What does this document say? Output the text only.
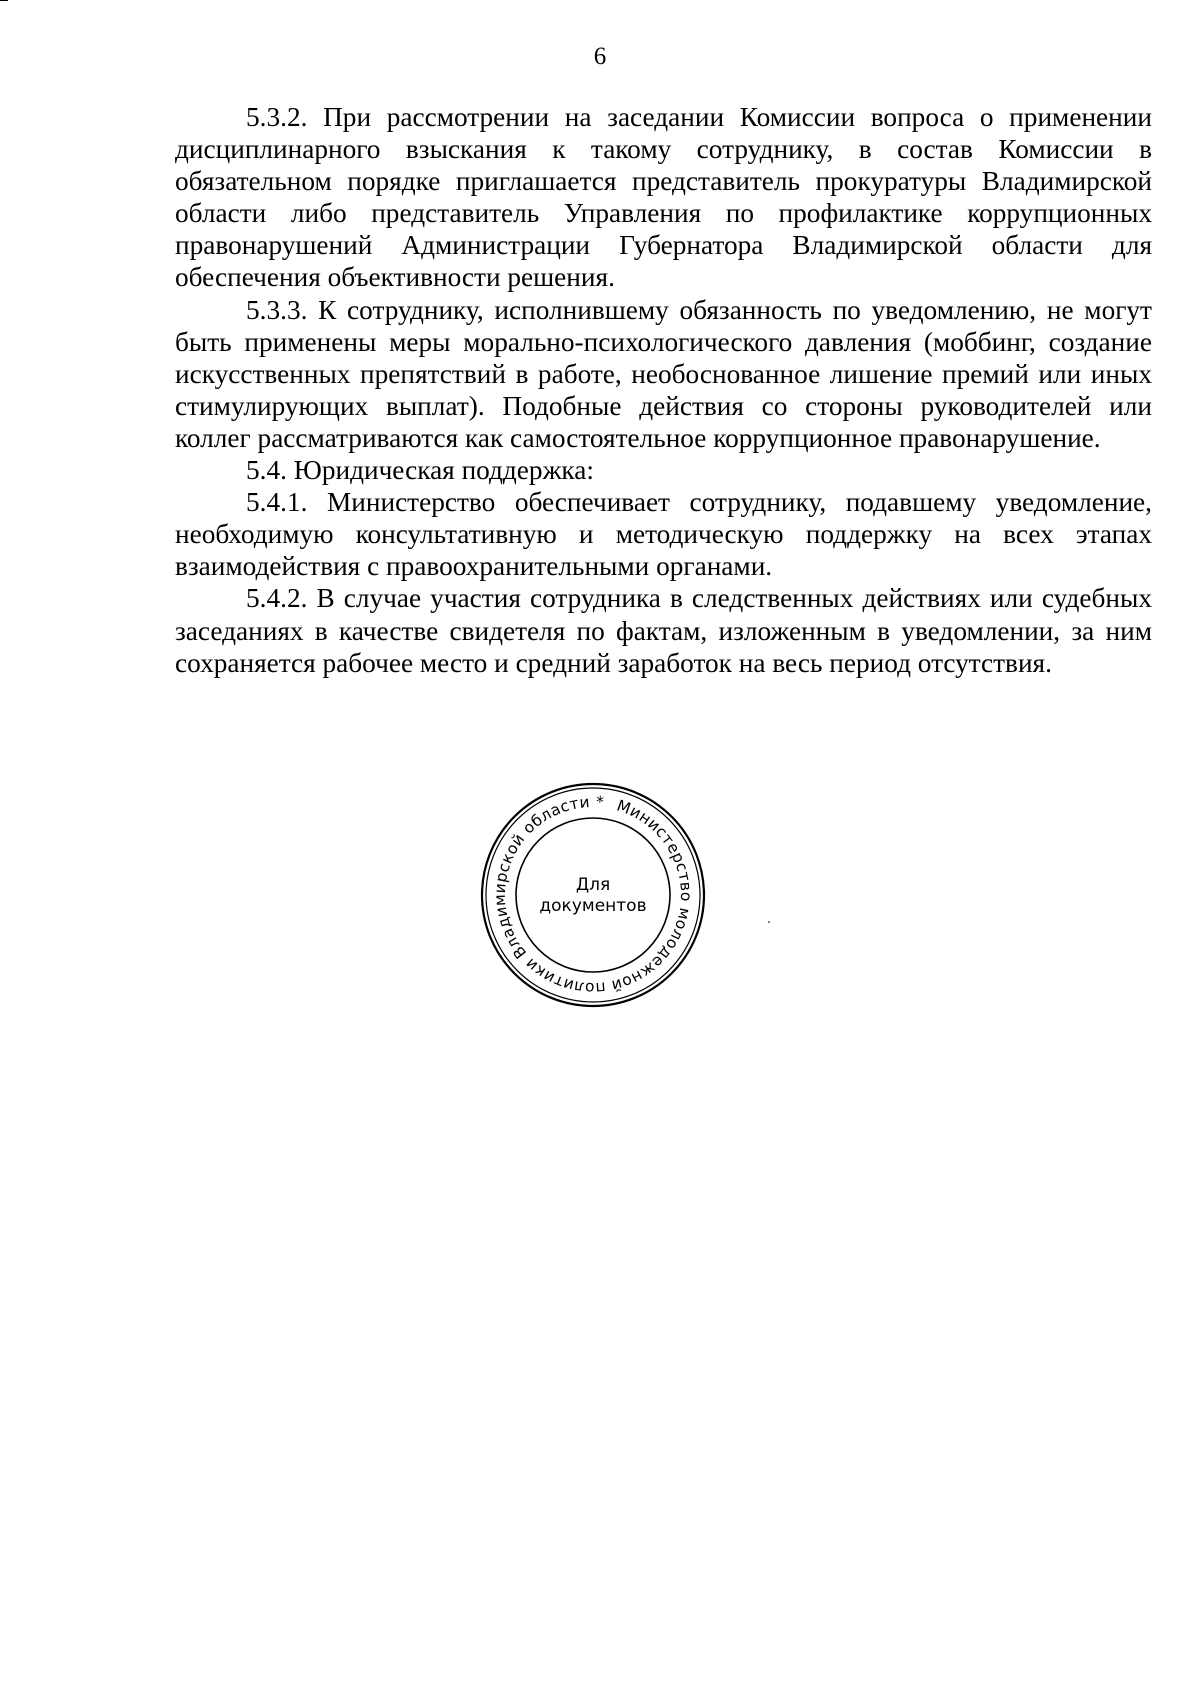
6

5.3.2. При рассмотрении на заседании Комиссии вопроса о применении дисциплинарного взыскания к такому сотруднику, в состав Комиссии в обязательном порядке приглашается представитель прокуратуры Владимирской области либо представитель Управления по профилактике коррупционных правонарушений Администрации Губернатора Владимирской области для обеспечения объективности решения.

5.3.3. К сотруднику, исполнившему обязанность по уведомлению, не могут быть применены меры морально-психологического давления (моббинг, создание искусственных препятствий в работе, необоснованное лишение премий или иных стимулирующих выплат). Подобные действия со стороны руководителей или коллег рассматриваются как самостоятельное коррупционное правонарушение.

5.4. Юридическая поддержка:

5.4.1. Министерство обеспечивает сотруднику, подавшему уведомление, необходимую консультативную и методическую поддержку на всех этапах взаимодействия с правоохранительными органами.

5.4.2. В случае участия сотрудника в следственных действиях или судебных заседаниях в качестве свидетеля по фактам, изложенным в уведомлении, за ним сохраняется рабочее место и средний заработок на весь период отсутствия.

Министерство молодежной политики Владимирской области *
Для
документов
